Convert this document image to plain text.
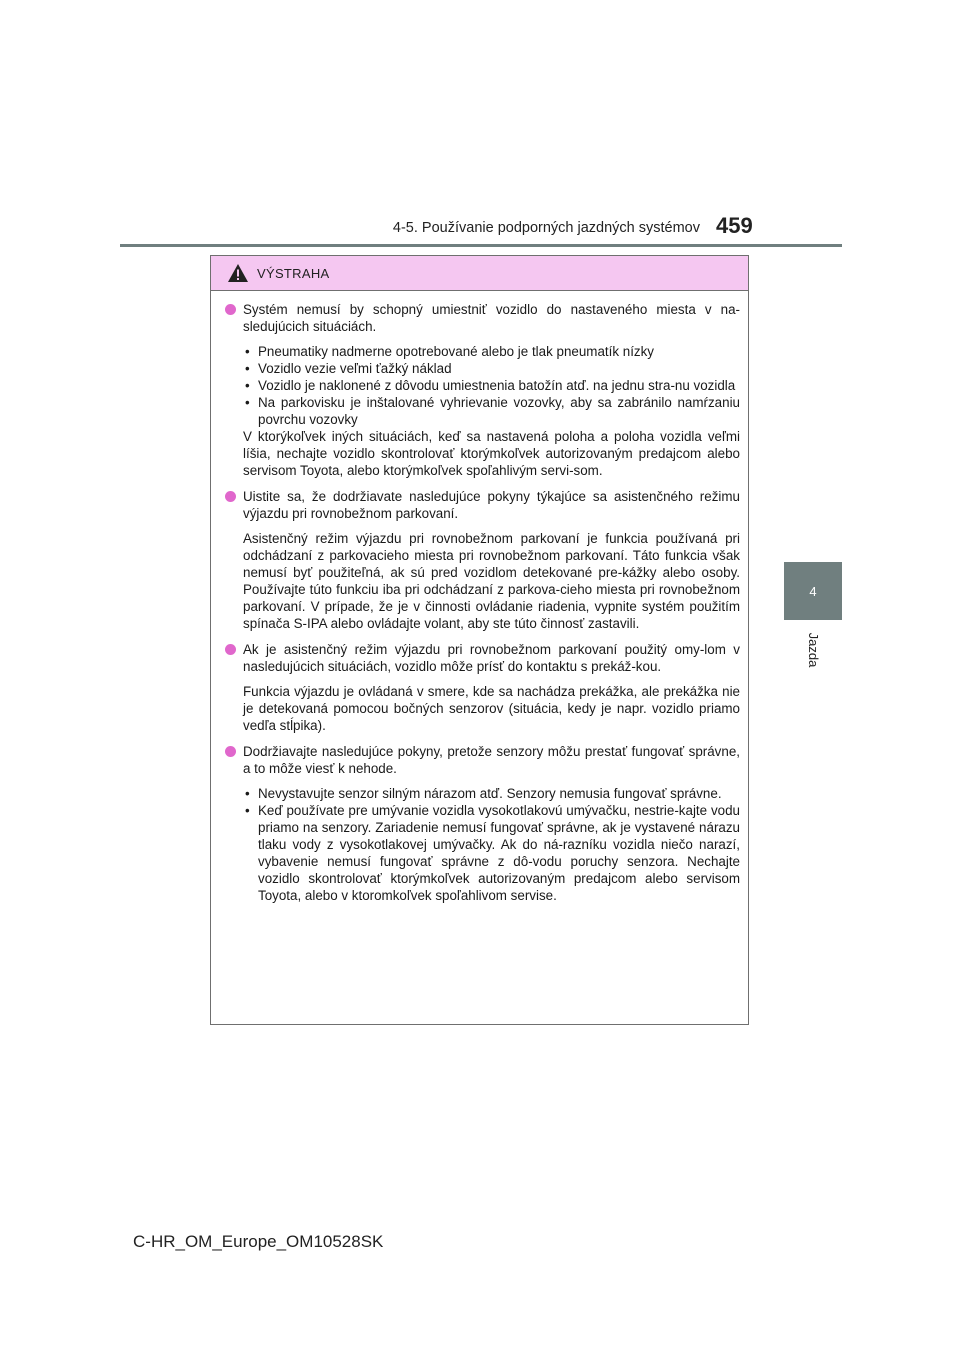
4-5. Používanie podporných jazdných systémov 459
4
Jazda
VÝSTRAHA

Systém nemusí by schopný umiestniť vozidlo do nastaveného miesta v na-sledujúcich situáciách.

• Pneumatiky nadmerne opotrebované alebo je tlak pneumatík nízky
• Vozidlo vezie veľmi ťažký náklad
• Vozidlo je naklonené z dôvodu umiestnenia batožín atď. na jednu stra-nu vozidla
• Na parkovisku je inštalované vyhrievanie vozovky, aby sa zabránilo namŕzaniu povrchu vozovky

V ktorýkoľvek iných situáciách, keď sa nastavená poloha a poloha vozidla veľmi líšia, nechajte vozidlo skontrolovať ktorýmkoľvek autorizovaným predajcom alebo servisom Toyota, alebo ktorýmkoľvek spoľahlivým servi-som.

Uistite sa, že dodržiavate nasledujúce pokyny týkajúce sa asistenčného režimu výjazdu pri rovnobežnom parkovaní.

Asistenčný režim výjazdu pri rovnobežnom parkovaní je funkcia používaná pri odchádzaní z parkovacieho miesta pri rovnobežnom parkovaní. Táto funkcia však nemusí byť použiteľná, ak sú pred vozidlom detekované pre-kážky alebo osoby. Používajte túto funkciu iba pri odchádzaní z parkova-cieho miesta pri rovnobežnom parkovaní. V prípade, že je v činnosti ovládanie riadenia, vypnite systém použitím spínača S-IPA alebo ovládajte volant, aby ste túto činnosť zastavili.

Ak je asistenčný režim výjazdu pri rovnobežnom parkovaní použitý omy-lom v nasledujúcich situáciách, vozidlo môže prísť do kontaktu s prekáž-kou.

Funkcia výjazdu je ovládaná v smere, kde sa nachádza prekážka, ale prekážka nie je detekovaná pomocou bočných senzorov (situácia, kedy je napr. vozidlo priamo vedľa stĺpika).

Dodržiavajte nasledujúce pokyny, pretože senzory môžu prestať fungovať správne, a to môže viesť k nehode.

• Nevystavujte senzor silným nárazom atď. Senzory nemusia fungovať správne.
• Keď používate pre umývanie vozidla vysokotlakovú umývačku, nestrie-kajte vodu priamo na senzory. Zariadenie nemusí fungovať správne, ak je vystavené nárazu tlaku vody z vysokotlakovej umývačky. Ak do ná-razníku vozidla niečo narazí, vybavenie nemusí fungovať správne z dô-vodu poruchy senzora. Nechajte vozidlo skontrolovať ktorýmkoľvek autorizovaným predajcom alebo servisom Toyota, alebo v ktoromkoľvek spoľahlivom servise.
C-HR_OM_Europe_OM10528SK
